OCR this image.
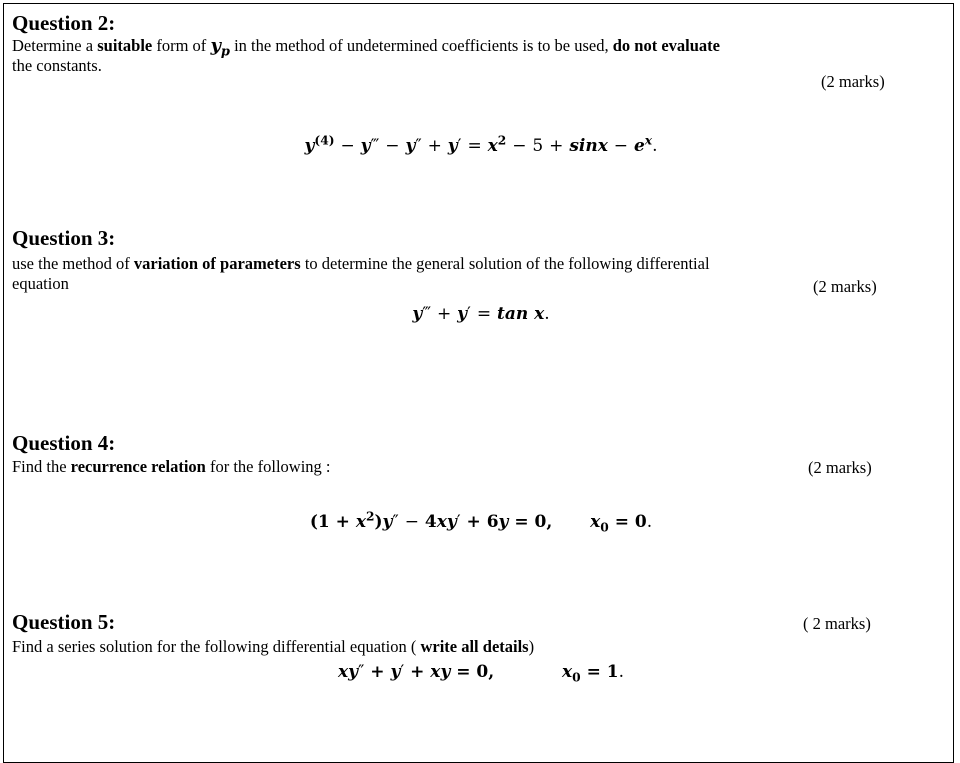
Question 2:
Determine a suitable form of $y_p$ in the method of undetermined coefficients is to be used, do not evaluate
the constants.
(2 marks)
$y^{(4)}$ − y‴ − $y'' + y' = x^2 - 5 + \sin x - e^x$.
Question 3:
use the method of variation of parameters to determine the general solution of the following differential
equation	(2 marks)
y‴ + y′ = tan x.
Question 4:
Find the recurrence relation for the following :	(2 marks)
$(1 + x^2)y'' - 4xy' + 6y = 0$, $x_0 = 0$.
Question 5:
Find a series solution for the following differential equation ( write all details)
( 2 marks)
xy″ + y′ + xy = 0,	$x_0 = 1$.
